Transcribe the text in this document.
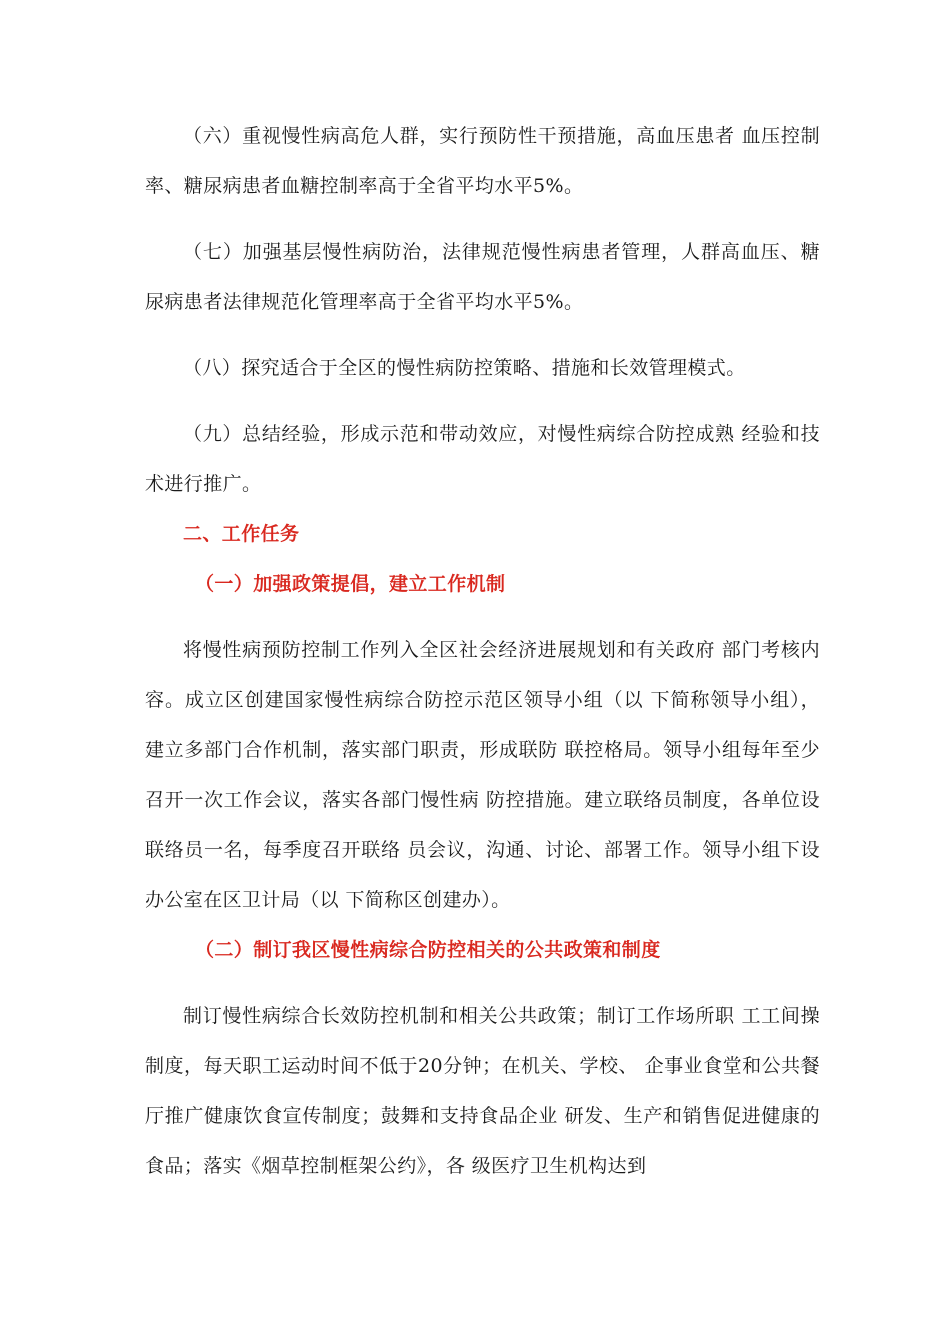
（六）重视慢性病高危人群，实行预防性干预措施，高血压患者 血压控制率、糖尿病患者血糖控制率高于全省平均水平5%。

（七）加强基层慢性病防治，法律规范慢性病患者管理，人群高血压、糖尿病患者法律规范化管理率高于全省平均水平5%。

（八）探究适合于全区的慢性病防控策略、措施和长效管理模式。

（九）总结经验，形成示范和带动效应，对慢性病综合防控成熟 经验和技术进行推广。

二、工作任务
（一）加强政策提倡，建立工作机制

将慢性病预防控制工作列入全区社会经济进展规划和有关政府 部门考核内容。成立区创建国家慢性病综合防控示范区领导小组（以 下简称领导小组），建立多部门合作机制，落实部门职责，形成联防 联控格局。领导小组每年至少召开一次工作会议，落实各部门慢性病 防控措施。建立联络员制度，各单位设联络员一名，每季度召开联络 员会议，沟通、讨论、部署工作。领导小组下设办公室在区卫计局（以 下简称区创建办）。

（二）制订我区慢性病综合防控相关的公共政策和制度

制订慢性病综合长效防控机制和相关公共政策；制订工作场所职 工工间操制度，每天职工运动时间不低于20分钟；在机关、学校、 企事业食堂和公共餐厅推广健康饮食宣传制度；鼓舞和支持食品企业 研发、生产和销售促进健康的食品；落实《烟草控制框架公约》，各 级医疗卫生机构达到
